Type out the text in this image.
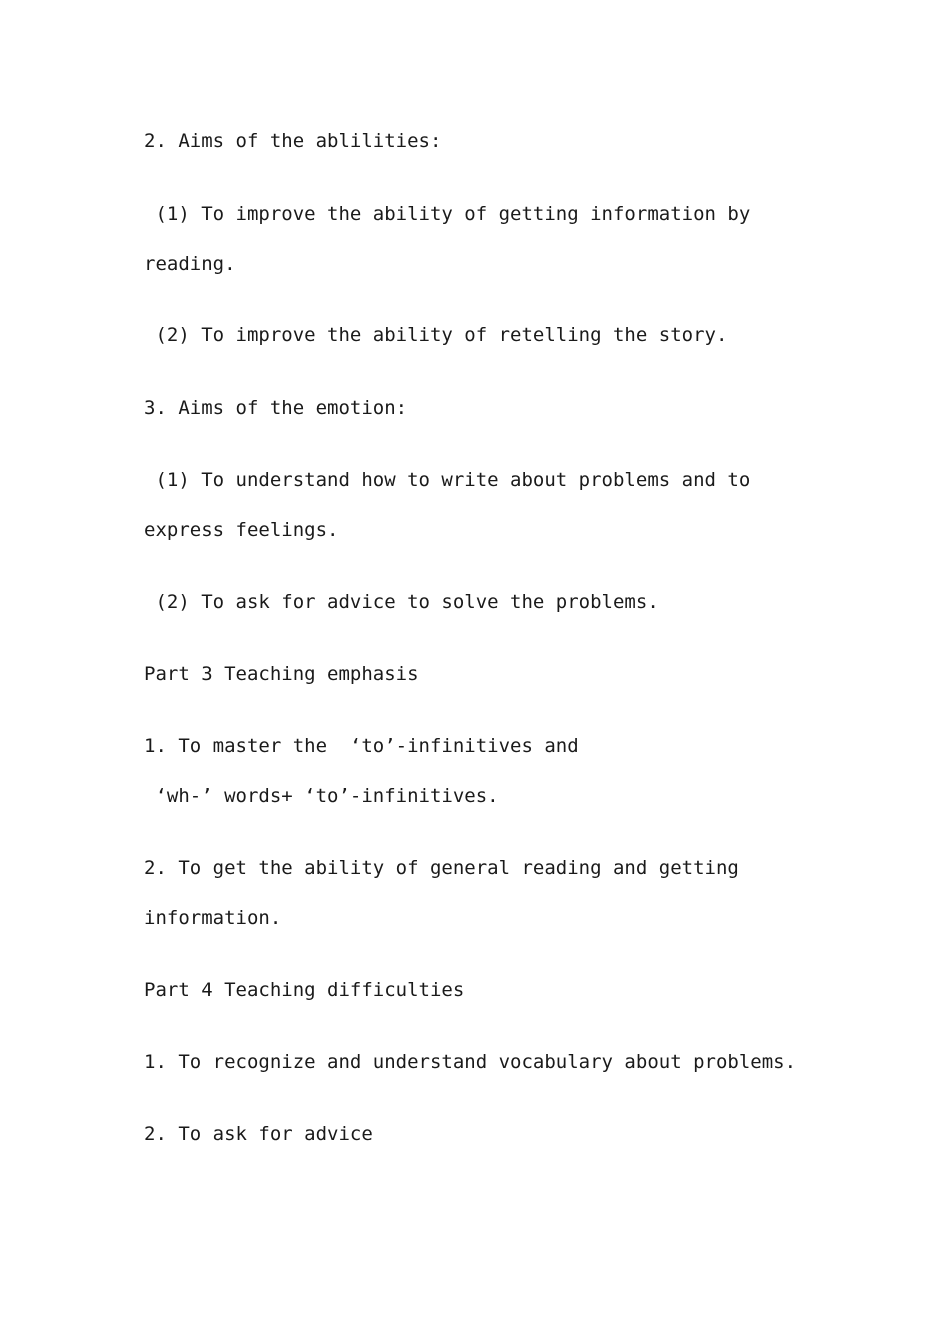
2. Aims of the ablilities:
(1) To improve the ability of getting information by
reading.
(2) To improve the ability of retelling the story.
3. Aims of the emotion:
(1) To understand how to write about problems and to
express feelings.
(2) To ask for advice to solve the problems.
Part 3 Teaching emphasis
1. To master the  ‘to’-infinitives and
‘wh-’ words+ ‘to’-infinitives.
2. To get the ability of general reading and getting
information.
Part 4 Teaching difficulties
1. To recognize and understand vocabulary about problems.
2. To ask for advice
